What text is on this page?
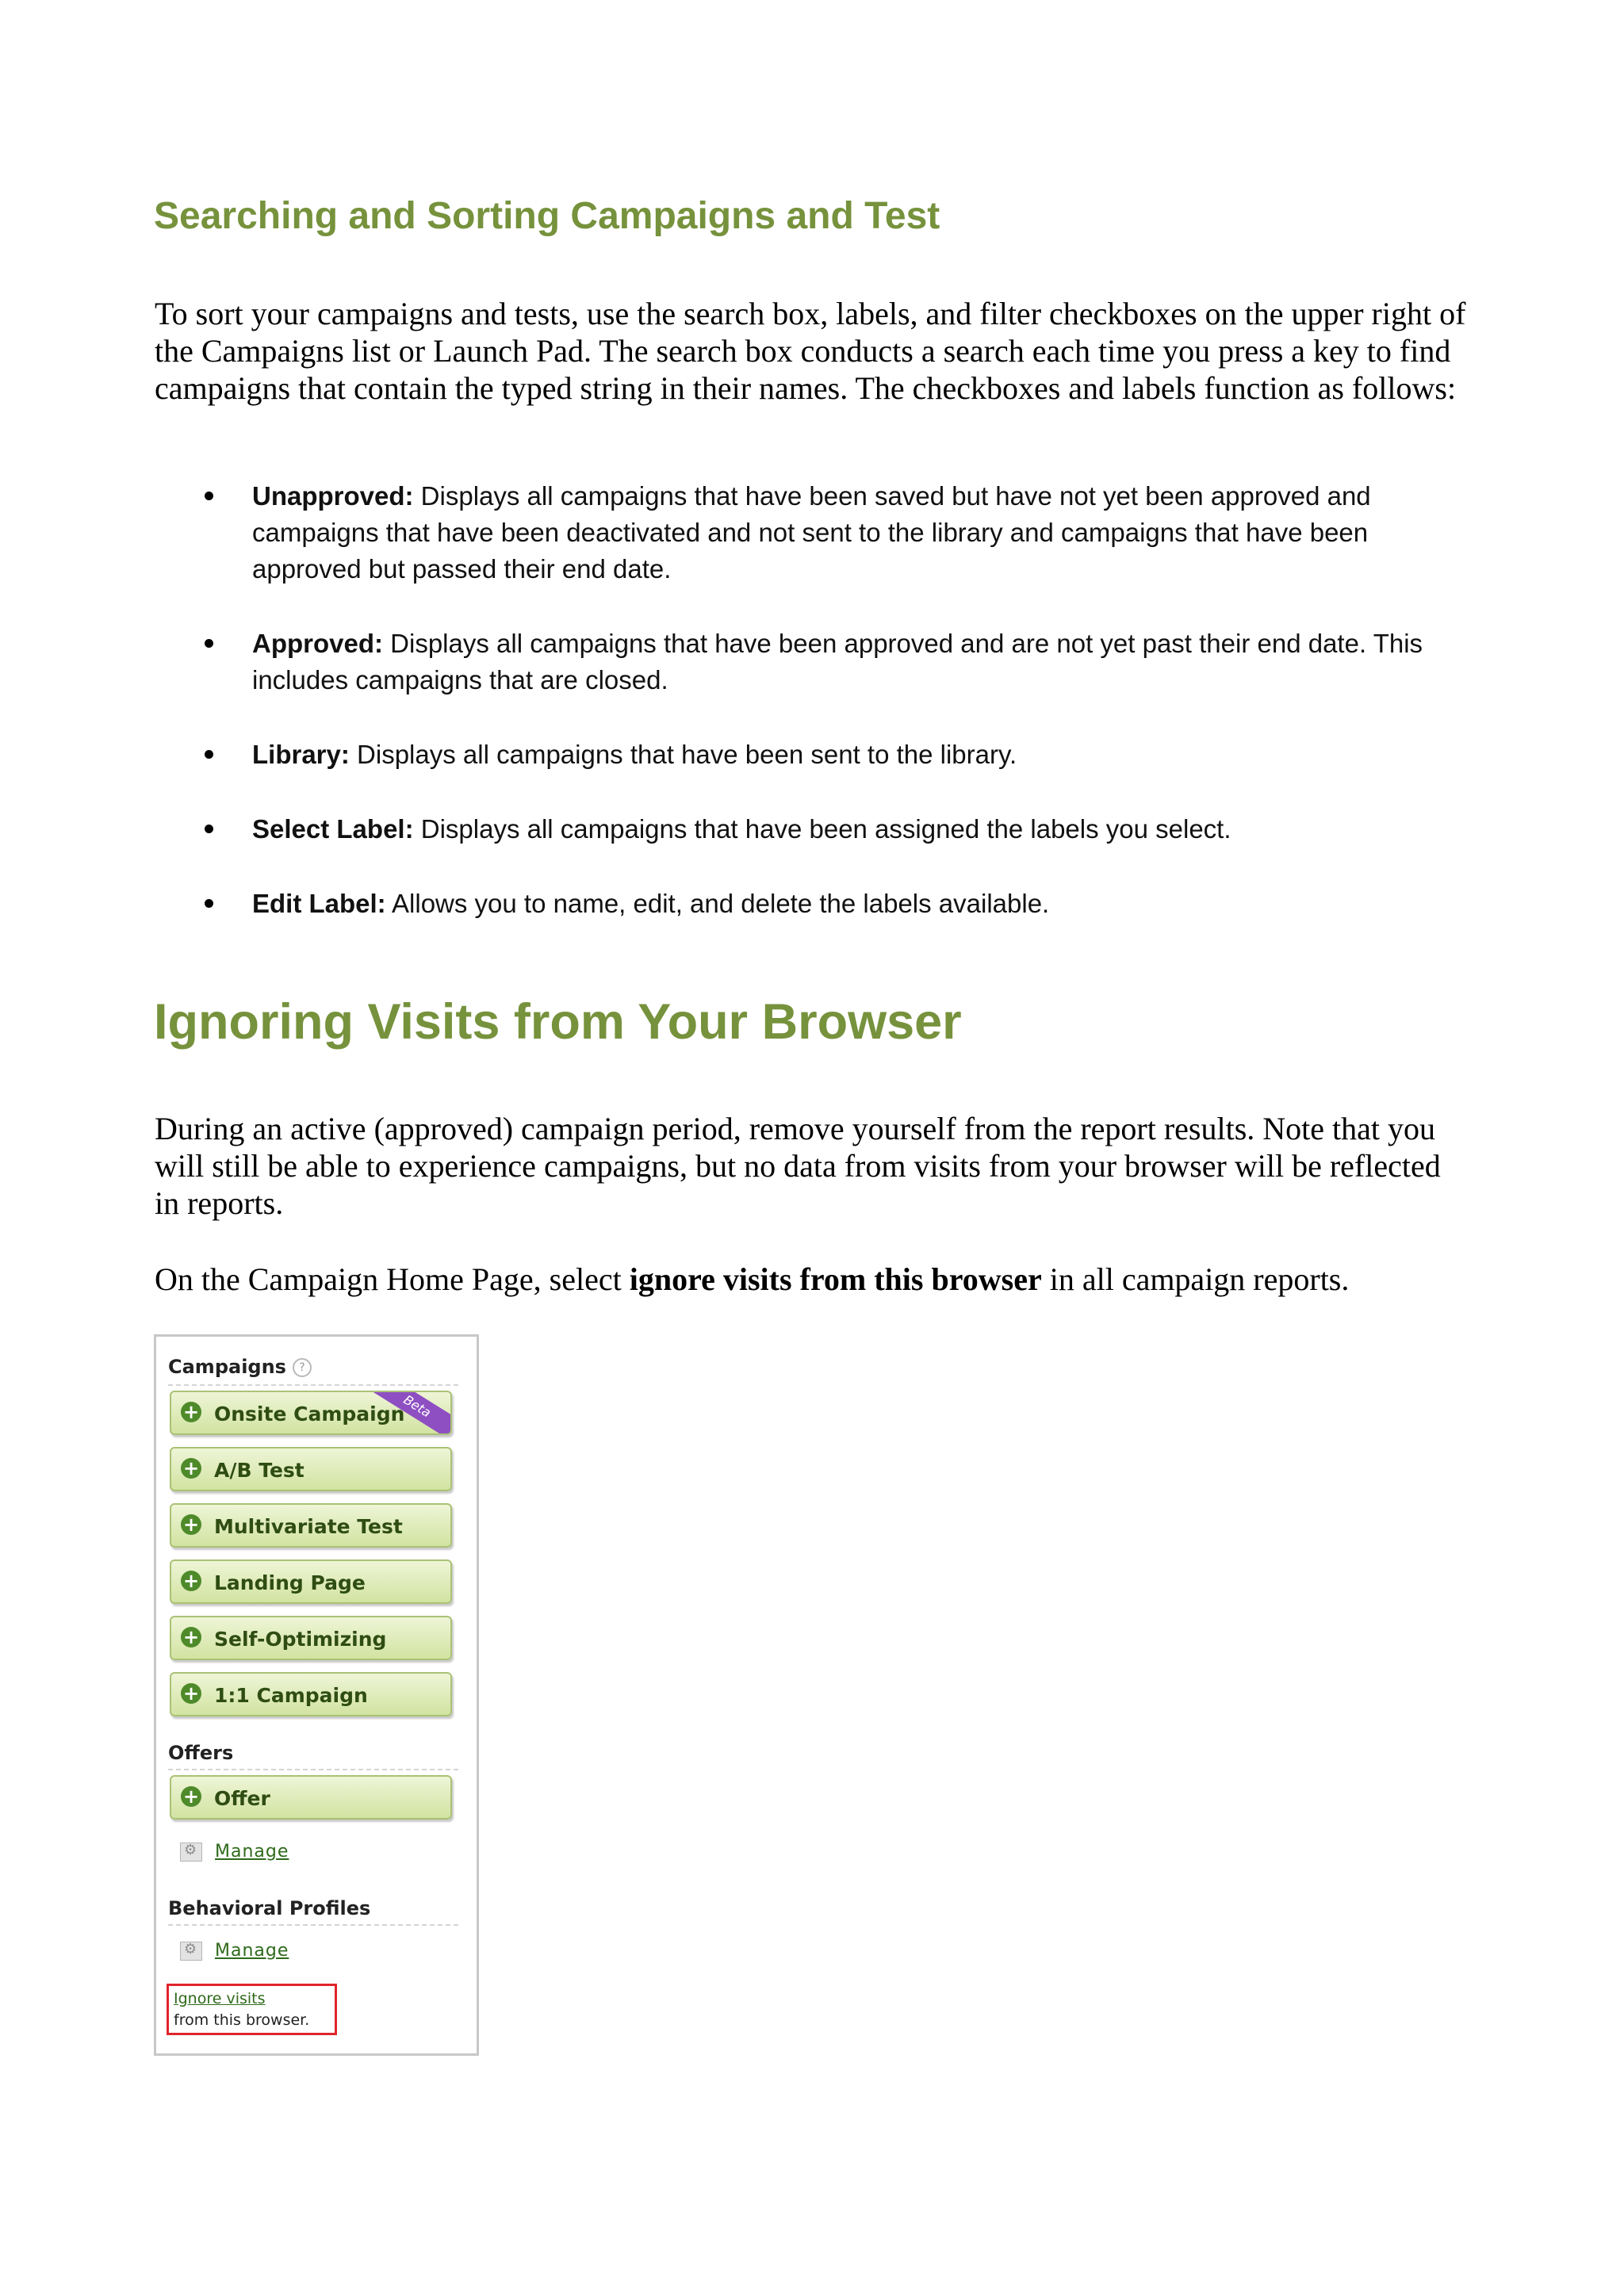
Searching and Sorting Campaigns and Test

To sort your campaigns and tests, use the search box, labels, and filter checkboxes on the upper right of the Campaigns list or Launch Pad. The search box conducts a search each time you press a key to find campaigns that contain the typed string in their names. The checkboxes and labels function as follows:

Unapproved: Displays all campaigns that have been saved but have not yet been approved and campaigns that have been deactivated and not sent to the library and campaigns that have been approved but passed their end date.
Approved: Displays all campaigns that have been approved and are not yet past their end date. This includes campaigns that are closed.
Library: Displays all campaigns that have been sent to the library.
Select Label: Displays all campaigns that have been assigned the labels you select.
Edit Label: Allows you to name, edit, and delete the labels available.
Ignoring Visits from Your Browser

During an active (approved) campaign period, remove yourself from the report results. Note that you will still be able to experience campaigns, but no data from visits from your browser will be reflected in reports.

On the Campaign Home Page, select ignore visits from this browser in all campaign reports.

Campaigns ?
+ Onsite Campaign
Beta
+ A/B Test
+ Multivariate Test
+ Landing Page
+ Self-Optimizing
+ 1:1 Campaign
Offers
+ Offer
⚙Manage
Behavioral Profiles
⚙Manage
Ignore visits
from this browser.
